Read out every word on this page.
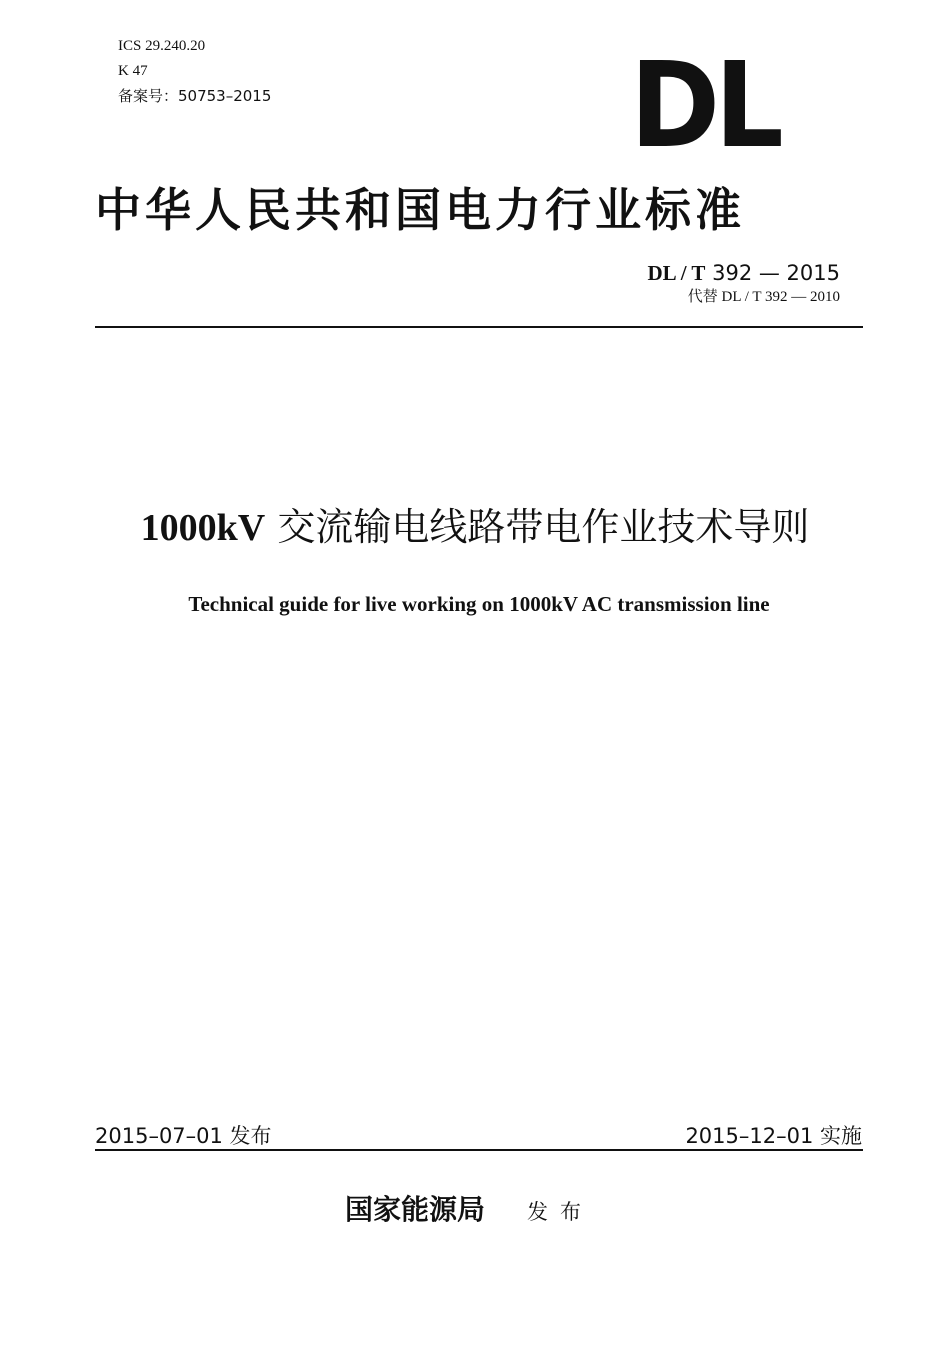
ICS 29.240.20
K 47
备案号：50753–2015	DL
中华人民共和国电力行业标准
DL / T 392 — 2015
代替 DL / T 392 — 2010
1000kV 交流输电线路带电作业技术导则
Technical guide for live working on 1000kV AC transmission line
2015–07–01 发布	2015–12–01 实施
国家能源局 发布
